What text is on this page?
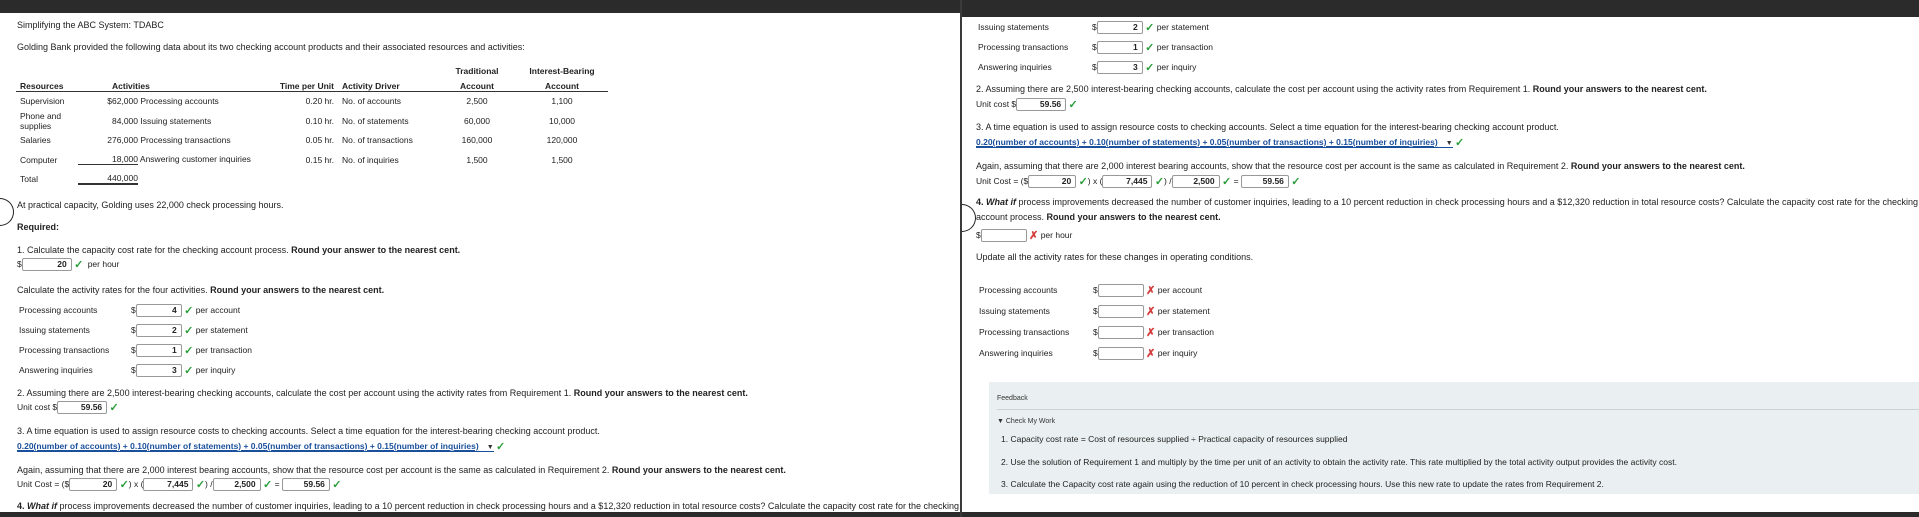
Simplifying the ABC System: TDABC
Golding Bank provided the following data about its two checking account products and their associated resources and activities:
					Traditional	Interest-Bearing
Resources		Activities	Time per Unit	Activity Driver	Account	Account
Supervision	$62,000 Processing accounts		0.20 hr.	No. of accounts	2,500	1,100
Phone and supplies	84,000 Issuing statements		0.10 hr.	No. of statements	60,000	10,000
Salaries	276,000 Processing transactions		0.05 hr.	No. of transactions	160,000	120,000
Computer	18,000 Answering customer inquiries		0.15 hr.	No. of inquiries	1,500	1,500
Total	440,000					
At practical capacity, Golding uses 22,000 check processing hours.
Required:
1. Calculate the capacity cost rate for the checking account process. Round your answer to the nearest cent.
$	20 ✓ per hour
Calculate the activity rates for the four activities. Round your answers to the nearest cent.
Processing accounts	$	4 ✓ per account
Issuing statements	$	2 ✓ per statement
Processing transactions	$	1 ✓ per transaction
Answering inquiries	$	3 ✓ per inquiry
2. Assuming there are 2,500 interest-bearing checking accounts, calculate the cost per account using the activity rates from Requirement 1. Round your answers to the nearest cent.
Unit cost $	59.56 ✓
3. A time equation is used to assign resource costs to checking accounts. Select a time equation for the interest-bearing checking account product.
0.20(number of accounts) + 0.10(number of statements) + 0.05(number of transactions) + 0.15(number of inquiries) ▼ ✓
Again, assuming that there are 2,000 interest bearing accounts, show that the resource cost per account is the same as calculated in Requirement 2. Round your answers to the nearest cent.
Unit Cost = ($	20 ✓) x (	7,445 ✓) /	2,500 ✓ =	59.56 ✓
4. What if process improvements decreased the number of customer inquiries, leading to a 10 percent reduction in check processing hours and a $12,320 reduction in total resource costs? Calculate the capacity cost rate for the checking
Issuing statements	$	2 ✓ per statement
Processing transactions	$	1 ✓ per transaction
Answering inquiries	$	3 ✓ per inquiry
2. Assuming there are 2,500 interest-bearing checking accounts, calculate the cost per account using the activity rates from Requirement 1. Round your answers to the nearest cent.
Unit cost $	59.56 ✓
3. A time equation is used to assign resource costs to checking accounts. Select a time equation for the interest-bearing checking account product.
0.20(number of accounts) + 0.10(number of statements) + 0.05(number of transactions) + 0.15(number of inquiries) ▼ ✓
Again, assuming that there are 2,000 interest bearing accounts, show that the resource cost per account is the same as calculated in Requirement 2. Round your answers to the nearest cent.
Unit Cost = ($	20 ✓) x (	7,445 ✓) /	2,500 ✓ =	59.56 ✓
4. What if process improvements decreased the number of customer inquiries, leading to a 10 percent reduction in check processing hours and a $12,320 reduction in total resource costs? Calculate the capacity cost rate for the checking
account process. Round your answers to the nearest cent.
$	✗ per hour
Update all the activity rates for these changes in operating conditions.
Processing accounts	$	✗ per account
Issuing statements	$	✗ per statement
Processing transactions	$	✗ per transaction
Answering inquiries	$	✗ per inquiry
Feedback
▼ Check My Work
1. Capacity cost rate = Cost of resources supplied ÷ Practical capacity of resources supplied
2. Use the solution of Requirement 1 and multiply by the time per unit of an activity to obtain the activity rate. This rate multiplied by the total activity output provides the activity cost.
3. Calculate the Capacity cost rate again using the reduction of 10 percent in check processing hours. Use this new rate to update the rates from Requirement 2.
